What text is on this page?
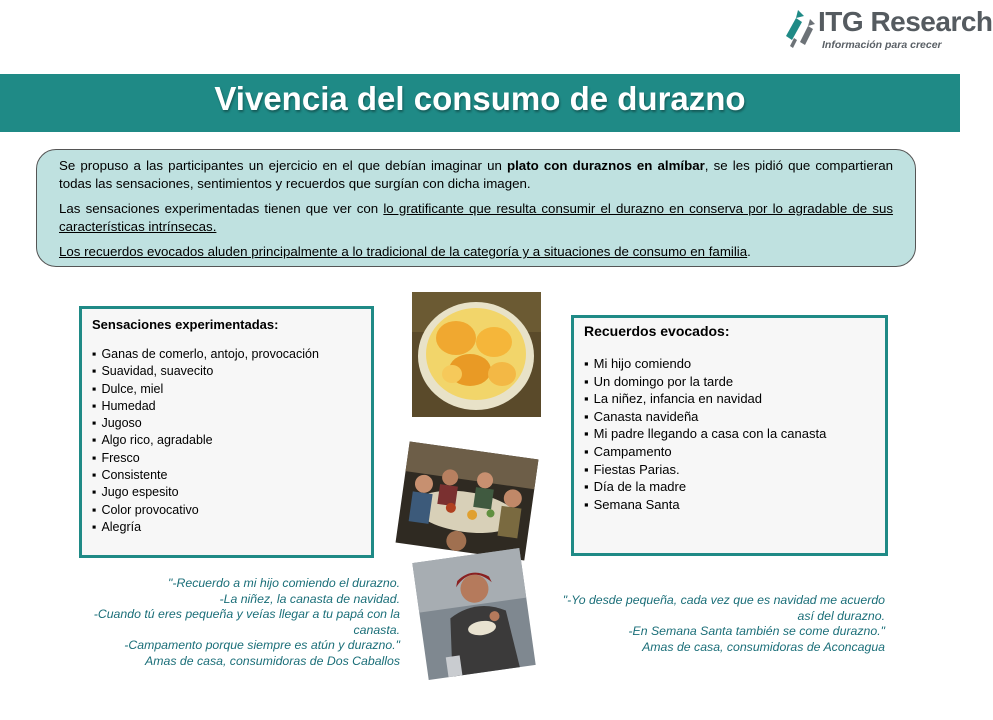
ITG Research
Información para crecer
Vivencia del consumo de durazno

Se propuso a las participantes un ejercicio en el que debían imaginar un plato con duraznos en almíbar, se les pidió que compartieran todas las sensaciones, sentimientos y recuerdos que surgían con dicha imagen.

Las sensaciones experimentadas tienen que ver con lo gratificante que resulta consumir el durazno en conserva por lo agradable de sus características intrínsecas.

Los recuerdos evocados aluden principalmente a lo tradicional de la categoría y a situaciones de consumo en familia.

Sensaciones experimentadas:
▪ Ganas de comerlo, antojo, provocación
▪ Suavidad, suavecito
▪ Dulce, miel
▪ Humedad
▪ Jugoso
▪ Algo rico, agradable
▪ Fresco
▪ Consistente
▪ Jugo espesito
▪ Color provocativo
▪ Alegría
Recuerdos evocados:
▪ Mi hijo comiendo
▪ Un domingo por la tarde
▪ La niñez, infancia en navidad
▪ Canasta navideña
▪ Mi padre llegando a casa con la canasta
▪ Campamento
▪ Fiestas Parias.
▪ Día de la madre
▪ Semana Santa
"-Recuerdo a mi hijo comiendo el durazno.
-La niñez, la canasta de navidad.
-Cuando tú eres pequeña y veías llegar a tu papá con la canasta.
-Campamento porque siempre es atún y durazno."
Amas de casa, consumidoras de Dos Caballos
"-Yo desde pequeña, cada vez que es navidad me acuerdo así del durazno.
-En Semana Santa también se come durazno."
Amas de casa, consumidoras de Aconcagua
